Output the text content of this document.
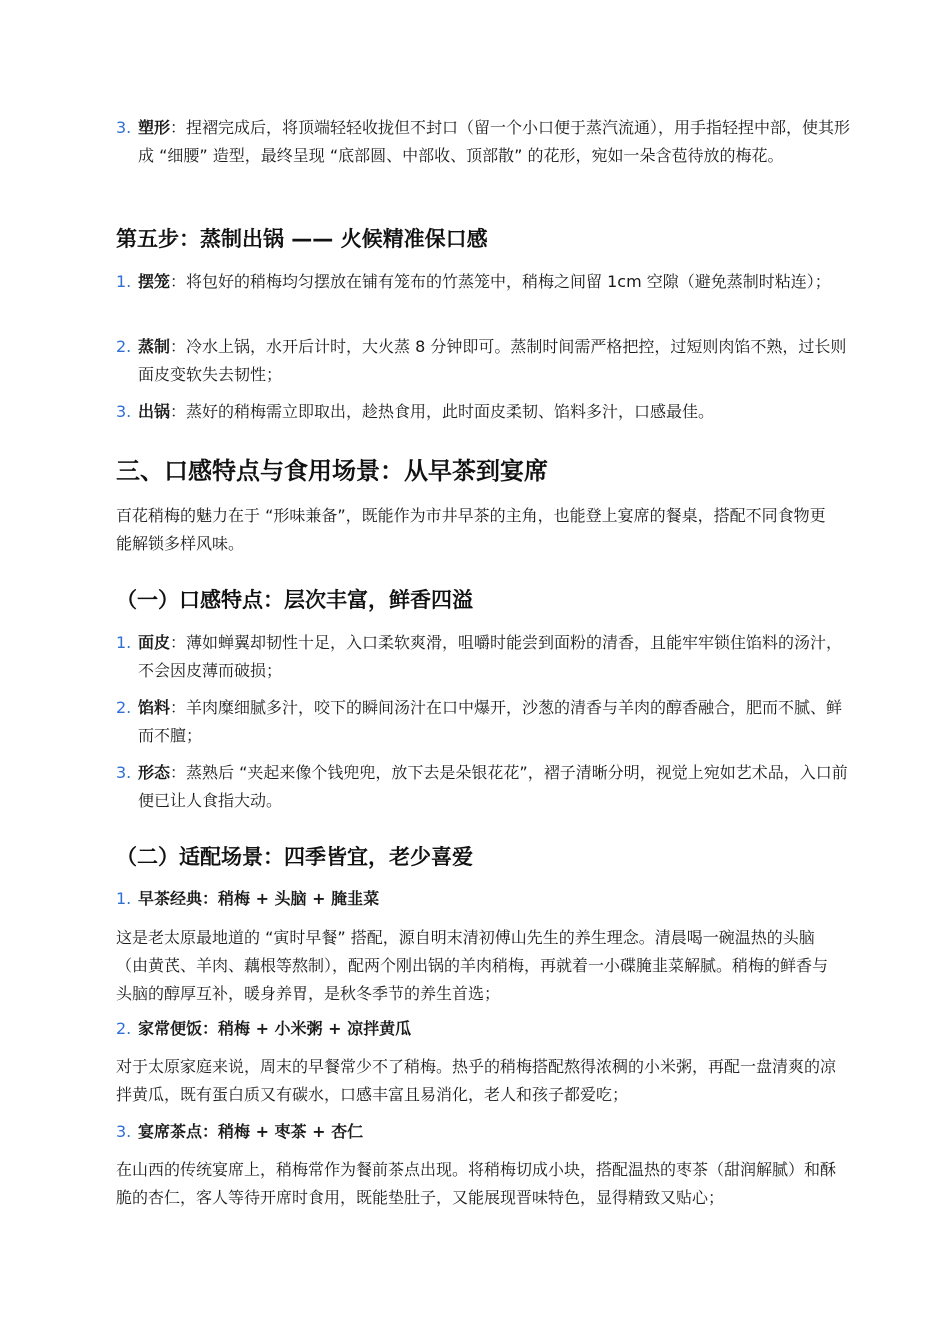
3. 塑形：捏褶完成后，将顶端轻轻收拢但不封口（留一个小口便于蒸汽流通），用手指轻捏中部，使其形成 “细腰” 造型，最终呈现 “底部圆、中部收、顶部散” 的花形，宛如一朵含苞待放的梅花。
第五步：蒸制出锅 —— 火候精准保口感
1. 摆笼：将包好的稍梅均匀摆放在铺有笼布的竹蒸笼中，稍梅之间留 1cm 空隙（避免蒸制时粘连）；
2. 蒸制：冷水上锅，水开后计时，大火蒸 8 分钟即可。蒸制时间需严格把控，过短则肉馅不熟，过长则面皮变软失去韧性；
3. 出锅：蒸好的稍梅需立即取出，趁热食用，此时面皮柔韧、馅料多汁，口感最佳。
三、口感特点与食用场景：从早茶到宴席
百花稍梅的魅力在于 “形味兼备”，既能作为市井早茶的主角，也能登上宴席的餐桌，搭配不同食物更能解锁多样风味。
（一）口感特点：层次丰富，鲜香四溢
1. 面皮：薄如蝉翼却韧性十足，入口柔软爽滑，咀嚼时能尝到面粉的清香，且能牢牢锁住馅料的汤汁，不会因皮薄而破损；
2. 馅料：羊肉糜细腻多汁，咬下的瞬间汤汁在口中爆开，沙葱的清香与羊肉的醇香融合，肥而不腻、鲜而不膻；
3. 形态：蒸熟后 “夹起来像个钱兜兜，放下去是朵银花花”，褶子清晰分明，视觉上宛如艺术品，入口前便已让人食指大动。
（二）适配场景：四季皆宜，老少喜爱
1. 早茶经典：稍梅 + 头脑 + 腌韭菜
这是老太原最地道的 “寅时早餐” 搭配，源自明末清初傅山先生的养生理念。清晨喝一碗温热的头脑（由黄芪、羊肉、藕根等熬制），配两个刚出锅的羊肉稍梅，再就着一小碟腌韭菜解腻。稍梅的鲜香与头脑的醇厚互补，暖身养胃，是秋冬季节的养生首选；
2. 家常便饭：稍梅 + 小米粥 + 凉拌黄瓜
对于太原家庭来说，周末的早餐常少不了稍梅。热乎的稍梅搭配熬得浓稠的小米粥，再配一盘清爽的凉拌黄瓜，既有蛋白质又有碳水，口感丰富且易消化，老人和孩子都爱吃；
3. 宴席茶点：稍梅 + 枣茶 + 杏仁
在山西的传统宴席上，稍梅常作为餐前茶点出现。将稍梅切成小块，搭配温热的枣茶（甜润解腻）和酥脆的杏仁，客人等待开席时食用，既能垫肚子，又能展现晋味特色，显得精致又贴心；
